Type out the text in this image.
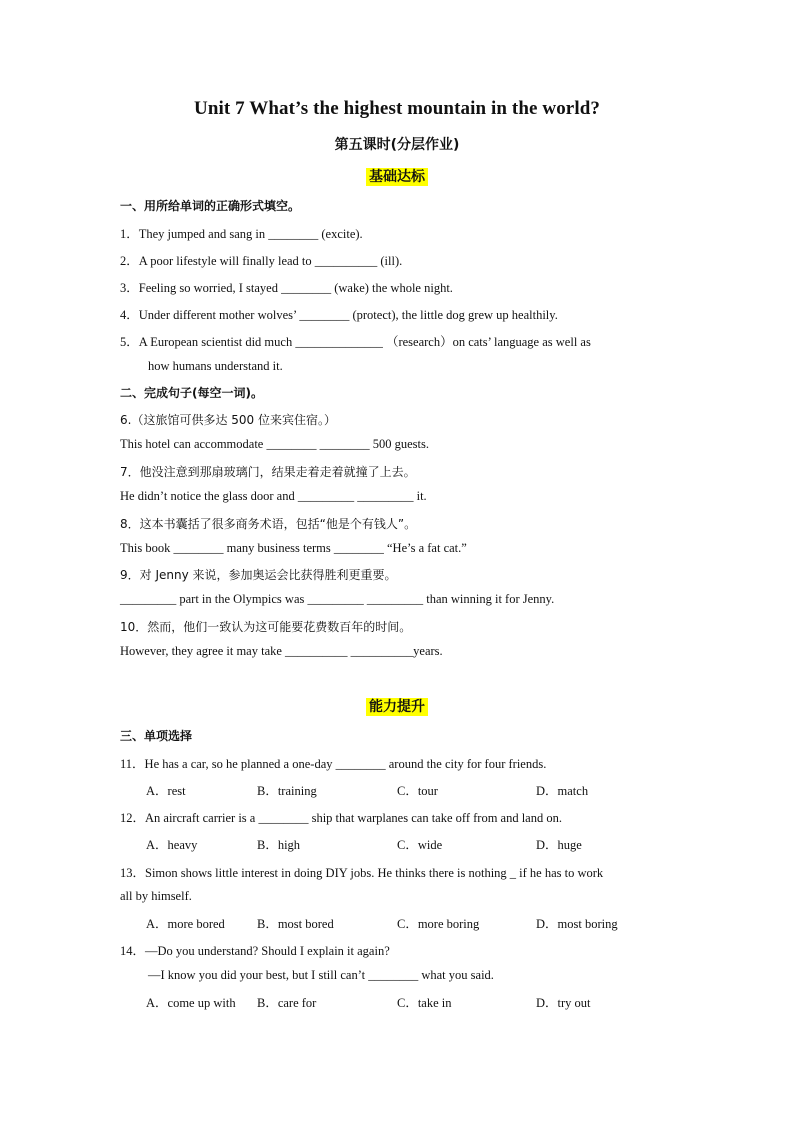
Unit 7 What’s the highest mountain in the world?
第五课时(分层作业)
基础达标
一、用所给单词的正确形式填空。
1．They jumped and sang in ________ (excite).
2．A poor lifestyle will finally lead to __________ (ill).
3．Feeling so worried, I stayed ________ (wake) the whole night.
4．Under different mother wolves’ ________ (protect), the little dog grew up healthily.
5．A European scientist did much ______________ （research）on cats’ language as well as
how humans understand it.
二、完成句子(每空一词)。
6.（这旅馆可供多达 500 位来宾住宿。）
This hotel can accommodate ________ ________ 500 guests.
7．他没注意到那扇玻璃门，结果走着走着就撞了上去。
He didn’t notice the glass door and _________ _________ it.
8．这本书囊括了很多商务术语，包括“他是个有钱人”。
This book ________ many business terms ________ “He’s a fat cat.”
9．对 Jenny 来说，参加奥运会比获得胜利更重要。
_________ part in the Olympics was _________ _________ than winning it for Jenny.
10．然而，他们一致认为这可能要花费数百年的时间。
However, they agree it may take __________ __________years.
能力提升
三、单项选择
11．He has a car, so he planned a one-day ________ around the city for four friends.
A．rest	B．training	C．tour	D．match
12．An aircraft carrier is a ________ ship that warplanes can take off from and land on.
A．heavy	B．high	C．wide	D．huge
13．Simon shows little interest in doing DIY jobs. He thinks there is nothing _ if he has to work
all by himself.
A．more bored	B．most bored	C．more boring	D．most boring
14．—Do you understand? Should I explain it again?
—I know you did your best, but I still can’t ________ what you said.
A．come up with B．care for	C．take in	D．try out
